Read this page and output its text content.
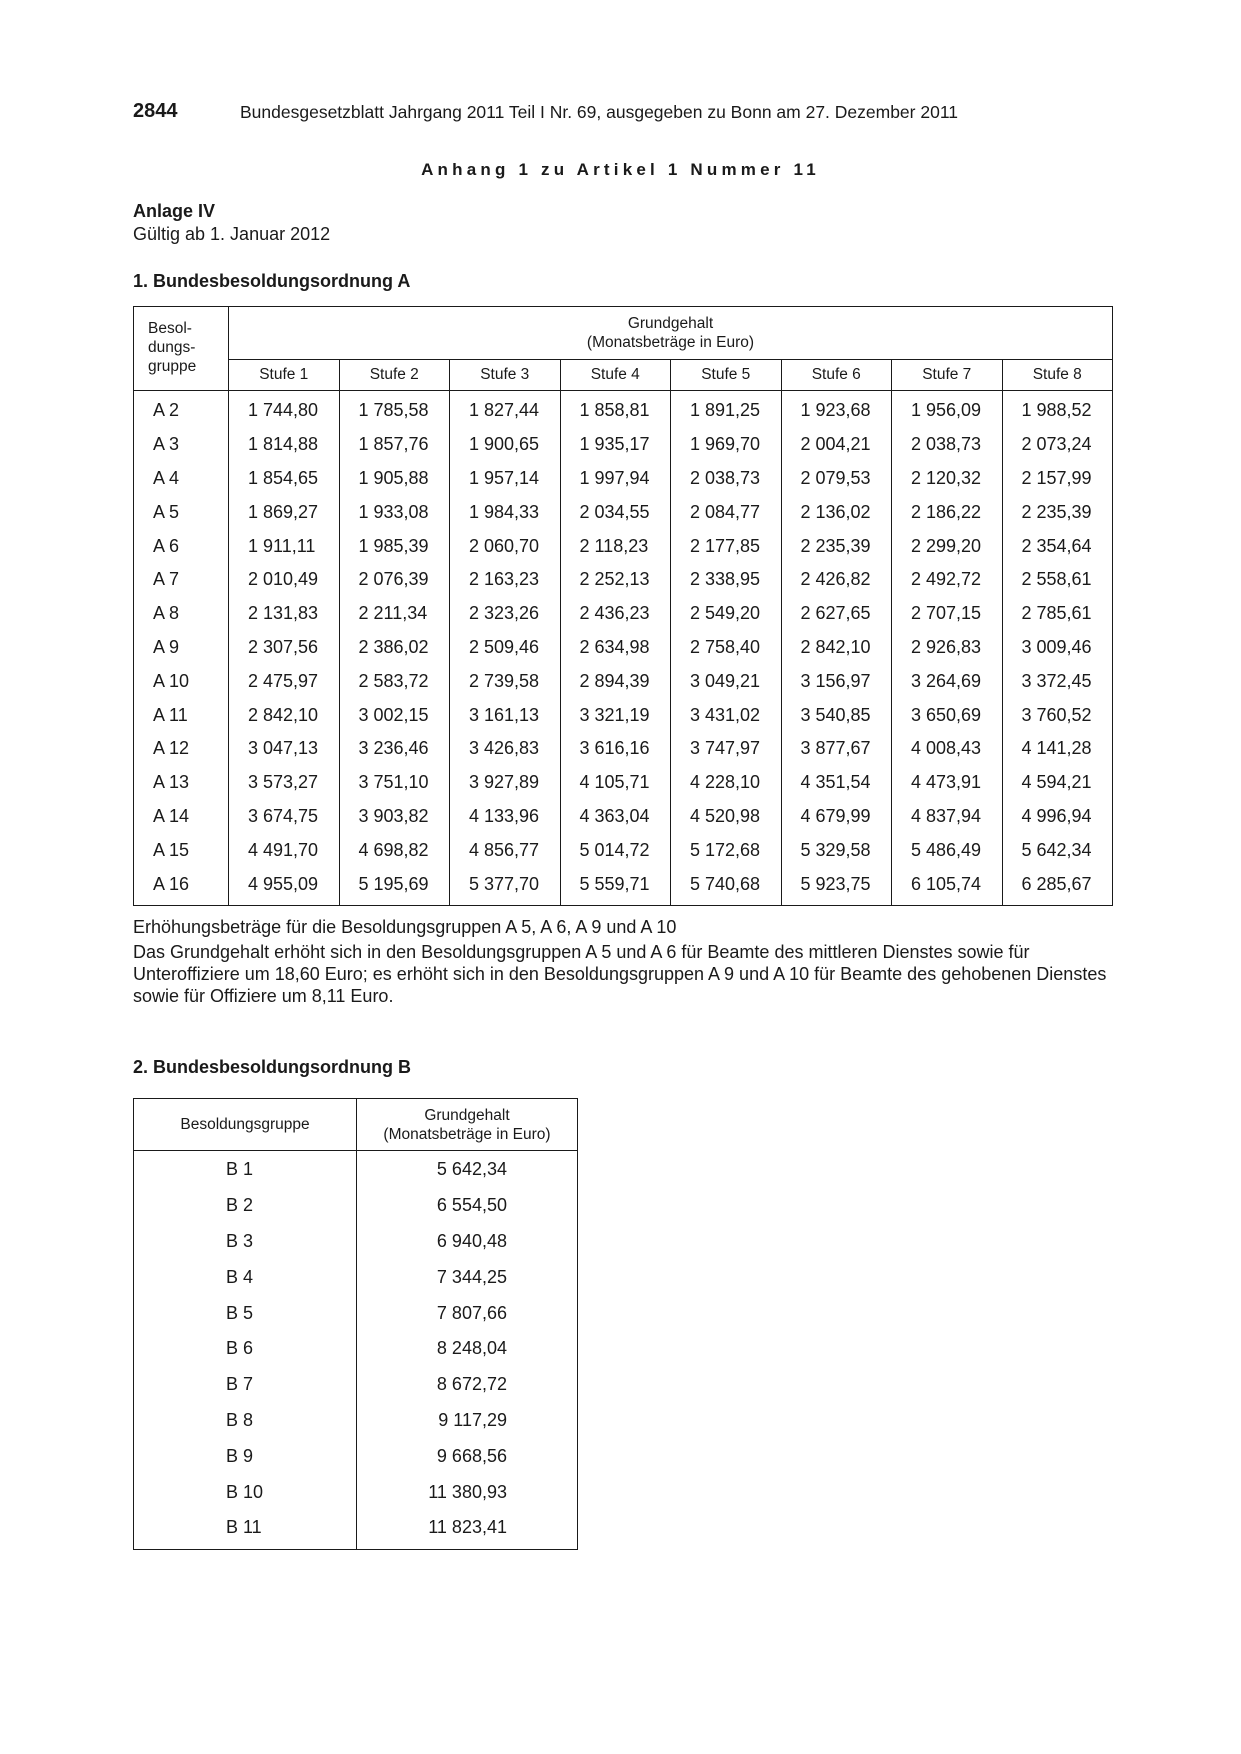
2844	Bundesgesetzblatt Jahrgang 2011 Teil I Nr. 69, ausgegeben zu Bonn am 27. Dezember 2011
Anhang 1 zu Artikel 1 Nummer 11
Anlage IV
Gültig ab 1. Januar 2012
1. Bundesbesoldungsordnung A
Besol-
dungs-
gruppe	Grundgehalt
(Monatsbeträge in Euro)							
	Stufe 1	Stufe 2	Stufe 3	Stufe 4	Stufe 5	Stufe 6	Stufe 7	Stufe 8
A 2	1 744,80	1 785,58	1 827,44	1 858,81	1 891,25	1 923,68	1 956,09	1 988,52
A 3	1 814,88	1 857,76	1 900,65	1 935,17	1 969,70	2 004,21	2 038,73	2 073,24
A 4	1 854,65	1 905,88	1 957,14	1 997,94	2 038,73	2 079,53	2 120,32	2 157,99
A 5	1 869,27	1 933,08	1 984,33	2 034,55	2 084,77	2 136,02	2 186,22	2 235,39
A 6	1 911,11	1 985,39	2 060,70	2 118,23	2 177,85	2 235,39	2 299,20	2 354,64
A 7	2 010,49	2 076,39	2 163,23	2 252,13	2 338,95	2 426,82	2 492,72	2 558,61
A 8	2 131,83	2 211,34	2 323,26	2 436,23	2 549,20	2 627,65	2 707,15	2 785,61
A 9	2 307,56	2 386,02	2 509,46	2 634,98	2 758,40	2 842,10	2 926,83	3 009,46
A 10	2 475,97	2 583,72	2 739,58	2 894,39	3 049,21	3 156,97	3 264,69	3 372,45
A 11	2 842,10	3 002,15	3 161,13	3 321,19	3 431,02	3 540,85	3 650,69	3 760,52
A 12	3 047,13	3 236,46	3 426,83	3 616,16	3 747,97	3 877,67	4 008,43	4 141,28
A 13	3 573,27	3 751,10	3 927,89	4 105,71	4 228,10	4 351,54	4 473,91	4 594,21
A 14	3 674,75	3 903,82	4 133,96	4 363,04	4 520,98	4 679,99	4 837,94	4 996,94
A 15	4 491,70	4 698,82	4 856,77	5 014,72	5 172,68	5 329,58	5 486,49	5 642,34
A 16	4 955,09	5 195,69	5 377,70	5 559,71	5 740,68	5 923,75	6 105,74	6 285,67
Erhöhungsbeträge für die Besoldungsgruppen A 5, A 6, A 9 und A 10
Das Grundgehalt erhöht sich in den Besoldungsgruppen A 5 und A 6 für Beamte des mittleren Dienstes sowie für Unteroffiziere um 18,60 Euro; es erhöht sich in den Besoldungsgruppen A 9 und A 10 für Beamte des gehobenen Dienstes sowie für Offiziere um 8,11 Euro.
2. Bundesbesoldungsordnung B
Besoldungsgruppe	Grundgehalt
(Monatsbeträge in Euro)
B 1	5 642,34
B 2	6 554,50
B 3	6 940,48
B 4	7 344,25
B 5	7 807,66
B 6	8 248,04
B 7	8 672,72
B 8	9 117,29
B 9	9 668,56
B 10	11 380,93
B 11	11 823,41
